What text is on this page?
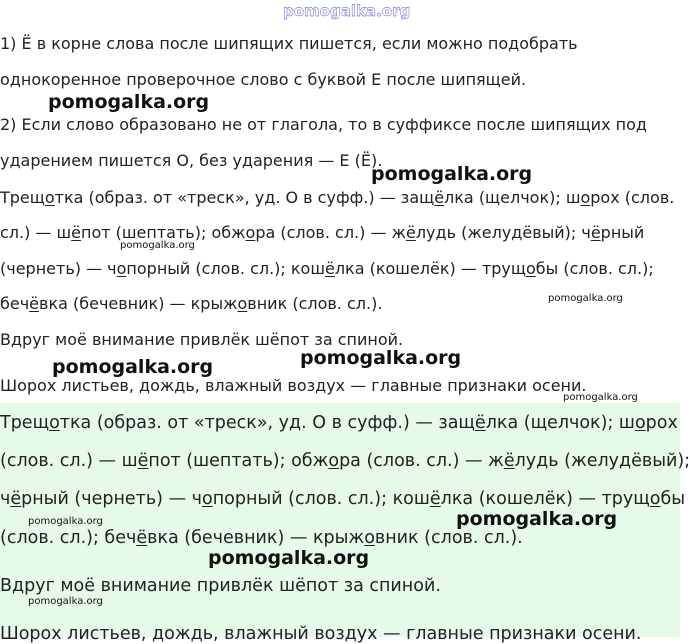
pomogalka.org
1) Ё в корне слова после шипящих пишется, если можно подобрать
однокоренное проверочное слово с буквой Е после шипящей.
2) Если слово образовано не от глагола, то в суффиксе после шипящих под
ударением пишется О, без ударения — Е (Ё).
Трещотка (образ. от «треск», уд. О в суфф.) — защёлка (щелчок); шорох (слов.
сл.) — шёпот (шептать); обжора (слов. сл.) — жёлудь (желудёвый); чёрный
(чернеть) — чопорный (слов. сл.); кошёлка (кошелёк) — трущобы (слов. сл.);
бечёвка (бечевник) — крыжовник (слов. сл.).
Вдруг моё внимание привлёк шёпот за спиной.
Шорох листьев, дождь, влажный воздух — главные признаки осени.
Трещотка (образ. от «треск», уд. О в суфф.) — защёлка (щелчок); шорох
(слов. сл.) — шёпот (шептать); обжора (слов. сл.) — жёлудь (желудёвый);
чёрный (чернеть) — чопорный (слов. сл.); кошёлка (кошелёк) — трущобы
(слов. сл.); бечёвка (бечевник) — крыжовник (слов. сл.).
Вдруг моё внимание привлёк шёпот за спиной.
Шорох листьев, дождь, влажный воздух — главные признаки осени.
pomogalka.org
pomogalka.org
pomogalka.org
pomogalka.org
pomogalka.org
pomogalka.org
pomogalka.org
pomogalka.org
pomogalka.org
pomogalka.org
pomogalka.org
